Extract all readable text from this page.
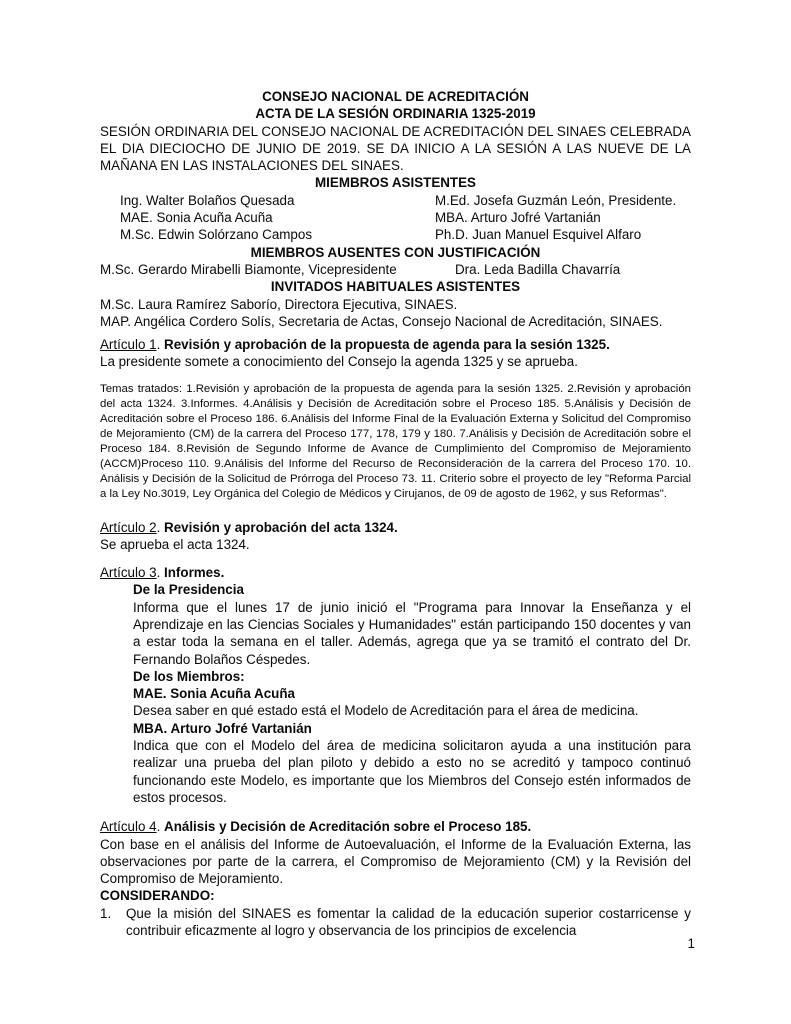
CONSEJO NACIONAL DE ACREDITACIÓN
ACTA DE LA SESIÓN ORDINARIA 1325-2019
SESIÓN ORDINARIA DEL CONSEJO NACIONAL DE ACREDITACIÓN DEL SINAES CELEBRADA EL DIA DIECIOCHO DE JUNIO DE 2019. SE DA INICIO A LA SESIÓN A LAS NUEVE DE LA MAÑANA EN LAS INSTALACIONES DEL SINAES.
MIEMBROS ASISTENTES
Ing. Walter Bolaños Quesada	M.Ed. Josefa Guzmán León, Presidente.
MAE. Sonia Acuña Acuña	MBA. Arturo Jofré Vartanián
M.Sc. Edwin Solórzano Campos	Ph.D. Juan Manuel Esquivel Alfaro
MIEMBROS AUSENTES CON JUSTIFICACIÓN
M.Sc. Gerardo Mirabelli Biamonte, Vicepresidente	Dra. Leda Badilla Chavarría
INVITADOS HABITUALES ASISTENTES
M.Sc. Laura Ramírez Saborío, Directora Ejecutiva, SINAES.
MAP. Angélica Cordero Solís, Secretaria de Actas, Consejo Nacional de Acreditación, SINAES.
Artículo 1. Revisión y aprobación de la propuesta de agenda para la sesión 1325.
La presidente somete a conocimiento del Consejo la agenda 1325 y se aprueba.
Temas tratados: 1.Revisión y aprobación de la propuesta de agenda para la sesión 1325. 2.Revisión y aprobación del acta 1324. 3.Informes. 4.Análisis y Decisión de Acreditación sobre el Proceso 185. 5.Análisis y Decisión de Acreditación sobre el Proceso 186. 6.Análisis del Informe Final de la Evaluación Externa y Solicitud del Compromiso de Mejoramiento (CM) de la carrera del Proceso 177, 178, 179 y 180. 7.Análisis y Decisión de Acreditación sobre el Proceso 184. 8.Revisión de Segundo Informe de Avance de Cumplimiento del Compromiso de Mejoramiento (ACCM)Proceso 110. 9.Análisis del Informe del Recurso de Reconsideración de la carrera del Proceso 170. 10. Análisis y Decisión de la Solicitud de Prórroga del Proceso 73. 11. Criterio sobre el proyecto de ley "Reforma Parcial a la Ley No.3019, Ley Orgánica del Colegio de Médicos y Cirujanos, de 09 de agosto de 1962, y sus Reformas".
Artículo 2. Revisión y aprobación del acta 1324.
Se aprueba el acta 1324.
Artículo 3. Informes.
De la Presidencia
Informa que el lunes 17 de junio inició el "Programa para Innovar la Enseñanza y el Aprendizaje en las Ciencias Sociales y Humanidades" están participando 150 docentes y van a estar toda la semana en el taller. Además, agrega que ya se tramitó el contrato del Dr. Fernando Bolaños Céspedes.
De los Miembros:
MAE. Sonia Acuña Acuña
Desea saber en qué estado está el Modelo de Acreditación para el área de medicina.
MBA. Arturo Jofré Vartanián
Indica que con el Modelo del área de medicina solicitaron ayuda a una institución para realizar una prueba del plan piloto y debido a esto no se acreditó y tampoco continuó funcionando este Modelo, es importante que los Miembros del Consejo estén informados de estos procesos.
Artículo 4. Análisis y Decisión de Acreditación sobre el Proceso 185.
Con base en el análisis del Informe de Autoevaluación, el Informe de la Evaluación Externa, las observaciones por parte de la carrera, el Compromiso de Mejoramiento (CM) y la Revisión del Compromiso de Mejoramiento.
CONSIDERANDO:
1.	Que la misión del SINAES es fomentar la calidad de la educación superior costarricense y contribuir eficazmente al logro y observancia de los principios de excelencia
1
